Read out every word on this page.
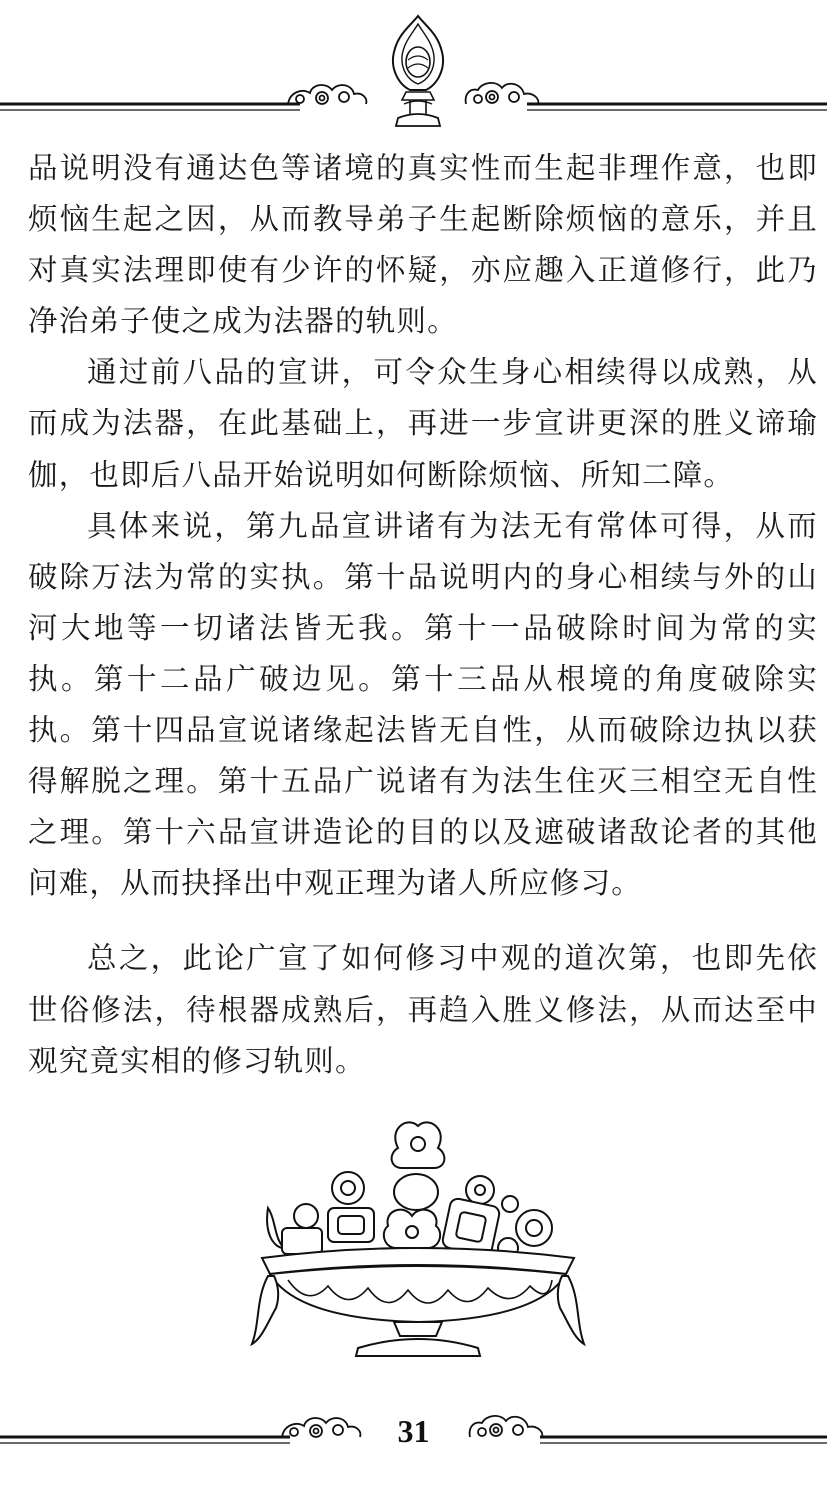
品说明没有通达色等诸境的真实性而生起非理作意，也即烦恼生起之因，从而教导弟子生起断除烦恼的意乐，并且对真实法理即使有少许的怀疑，亦应趣入正道修行，此乃净治弟子使之成为法器的轨则。

通过前八品的宣讲，可令众生身心相续得以成熟，从而成为法器，在此基础上，再进一步宣讲更深的胜义谛瑜伽，也即后八品开始说明如何断除烦恼、所知二障。

具体来说，第九品宣讲诸有为法无有常体可得，从而破除万法为常的实执。第十品说明内的身心相续与外的山河大地等一切诸法皆无我。第十一品破除时间为常的实执。第十二品广破边见。第十三品从根境的角度破除实执。第十四品宣说诸缘起法皆无自性，从而破除边执以获得解脱之理。第十五品广说诸有为法生住灭三相空无自性之理。第十六品宣讲造论的目的以及遮破诸敌论者的其他问难，从而抉择出中观正理为诸人所应修习。

总之，此论广宣了如何修习中观的道次第，也即先依世俗修法，待根器成熟后，再趋入胜义修法，从而达至中观究竟实相的修习轨则。

31
